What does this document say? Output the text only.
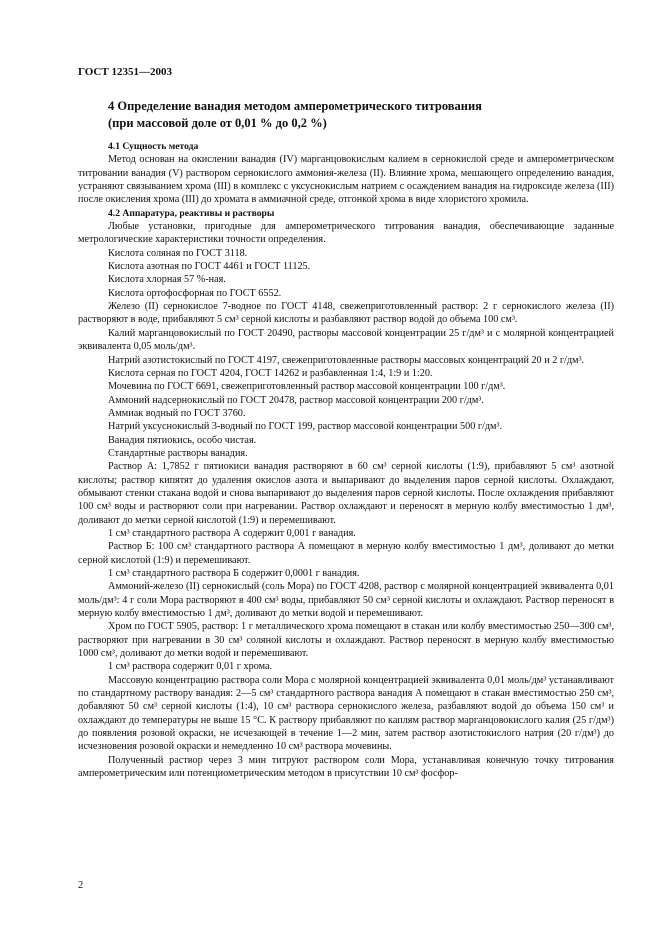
ГОСТ 12351—2003
4 Определение ванадия методом амперометрического титрования
(при массовой доле от 0,01 % до 0,2 %)

4.1 Сущность метода

Метод основан на окислении ванадия (IV) марганцовокислым калием в сернокислой среде и амперометрическом титровании ванадия (V) раствором сернокислого аммония-железа (II). Влияние хрома, мешающего определению ванадия, устраняют связыванием хрома (III) в комплекс с уксуснокислым натрием с осаждением ванадия на гидроксиде железа (III) после окисления хрома (III) до хромата в аммиачной среде, отгонкой хрома в виде хлористого хромила.

4.2 Аппаратура, реактивы и растворы

Любые установки, пригодные для амперометрического титрования ванадия, обеспечивающие заданные метрологические характеристики точности определения.

Кислота соляная по ГОСТ 3118.

Кислота азотная по ГОСТ 4461 и ГОСТ 11125.

Кислота хлорная 57 %-ная.

Кислота ортофосфорная по ГОСТ 6552.

Железо (II) сернокислое 7-водное по ГОСТ 4148, свежеприготовленный раствор: 2 г сернокислого железа (II) растворяют в воде, прибавляют 5 см³ серной кислоты и разбавляют раствор водой до объема 100 см³.

Калий марганцовокислый по ГОСТ 20490, растворы массовой концентрации 25 г/дм³ и с молярной концентрацией эквивалента 0,05 моль/дм³.

Натрий азотистокислый по ГОСТ 4197, свежеприготовленные растворы массовых концентраций 20 и 2 г/дм³.

Кислота серная по ГОСТ 4204, ГОСТ 14262 и разбавленная 1:4, 1:9 и 1:20.

Мочевина по ГОСТ 6691, свежеприготовленный раствор массовой концентрации 100 г/дм³.

Аммоний надсернокислый по ГОСТ 20478, раствор массовой концентрации 200 г/дм³.

Аммиак водный по ГОСТ 3760.

Натрий уксуснокислый 3-водный по ГОСТ 199, раствор массовой концентрации 500 г/дм³.

Ванадия пятиокись, особо чистая.

Стандартные растворы ванадия.

Раствор А: 1,7852 г пятиокиси ванадия растворяют в 60 см³ серной кислоты (1:9), прибавляют 5 см³ азотной кислоты; раствор кипятят до удаления окислов азота и выпаривают до выделения паров серной кислоты. Охлаждают, обмывают стенки стакана водой и снова выпаривают до выделения паров серной кислоты. После охлаждения прибавляют 100 см³ воды и растворяют соли при нагревании. Раствор охлаждают и переносят в мерную колбу вместимостью 1 дм³, доливают до метки серной кислотой (1:9) и перемешивают.

1 см³ стандартного раствора А содержит 0,001 г ванадия.

Раствор Б: 100 см³ стандартного раствора А помещают в мерную колбу вместимостью 1 дм³, доливают до метки серной кислотой (1:9) и перемешивают.

1 см³ стандартного раствора Б содержит 0,0001 г ванадия.

Аммоний-железо (II) сернокислый (соль Мора) по ГОСТ 4208, раствор с молярной концентрацией эквивалента 0,01 моль/дм³: 4 г соли Мора растворяют в 400 см³ воды, прибавляют 50 см³ серной кислоты и охлаждают. Раствор переносят в мерную колбу вместимостью 1 дм³, доливают до метки водой и перемешивают.

Хром по ГОСТ 5905, раствор: 1 г металлического хрома помещают в стакан или колбу вместимостью 250—300 см³, растворяют при нагревании в 30 см³ соляной кислоты и охлаждают. Раствор переносят в мерную колбу вместимостью 1000 см³, доливают до метки водой и перемешивают.

1 см³ раствора содержит 0,01 г хрома.

Массовую концентрацию раствора соли Мора с молярной концентрацией эквивалента 0,01 моль/дм³ устанавливают по стандартному раствору ванадия: 2—5 см³ стандартного раствора ванадия А помещают в стакан вместимостью 250 см³, добавляют 50 см³ серной кислоты (1:4), 10 см³ раствора сернокислого железа, разбавляют водой до объема 150 см³ и охлаждают до температуры не выше 15 °С. К раствору прибавляют по каплям раствор марганцовокислого калия (25 г/дм³) до появления розовой окраски, не исчезающей в течение 1—2 мин, затем раствор азотистокислого натрия (20 г/дм³) до исчезновения розовой окраски и немедленно 10 см³ раствора мочевины.

Полученный раствор через 3 мин титруют раствором соли Мора, устанавливая конечную точку титрования амперометрическим или потенциометрическим методом в присутствии 10 см³ фосфор-

2
